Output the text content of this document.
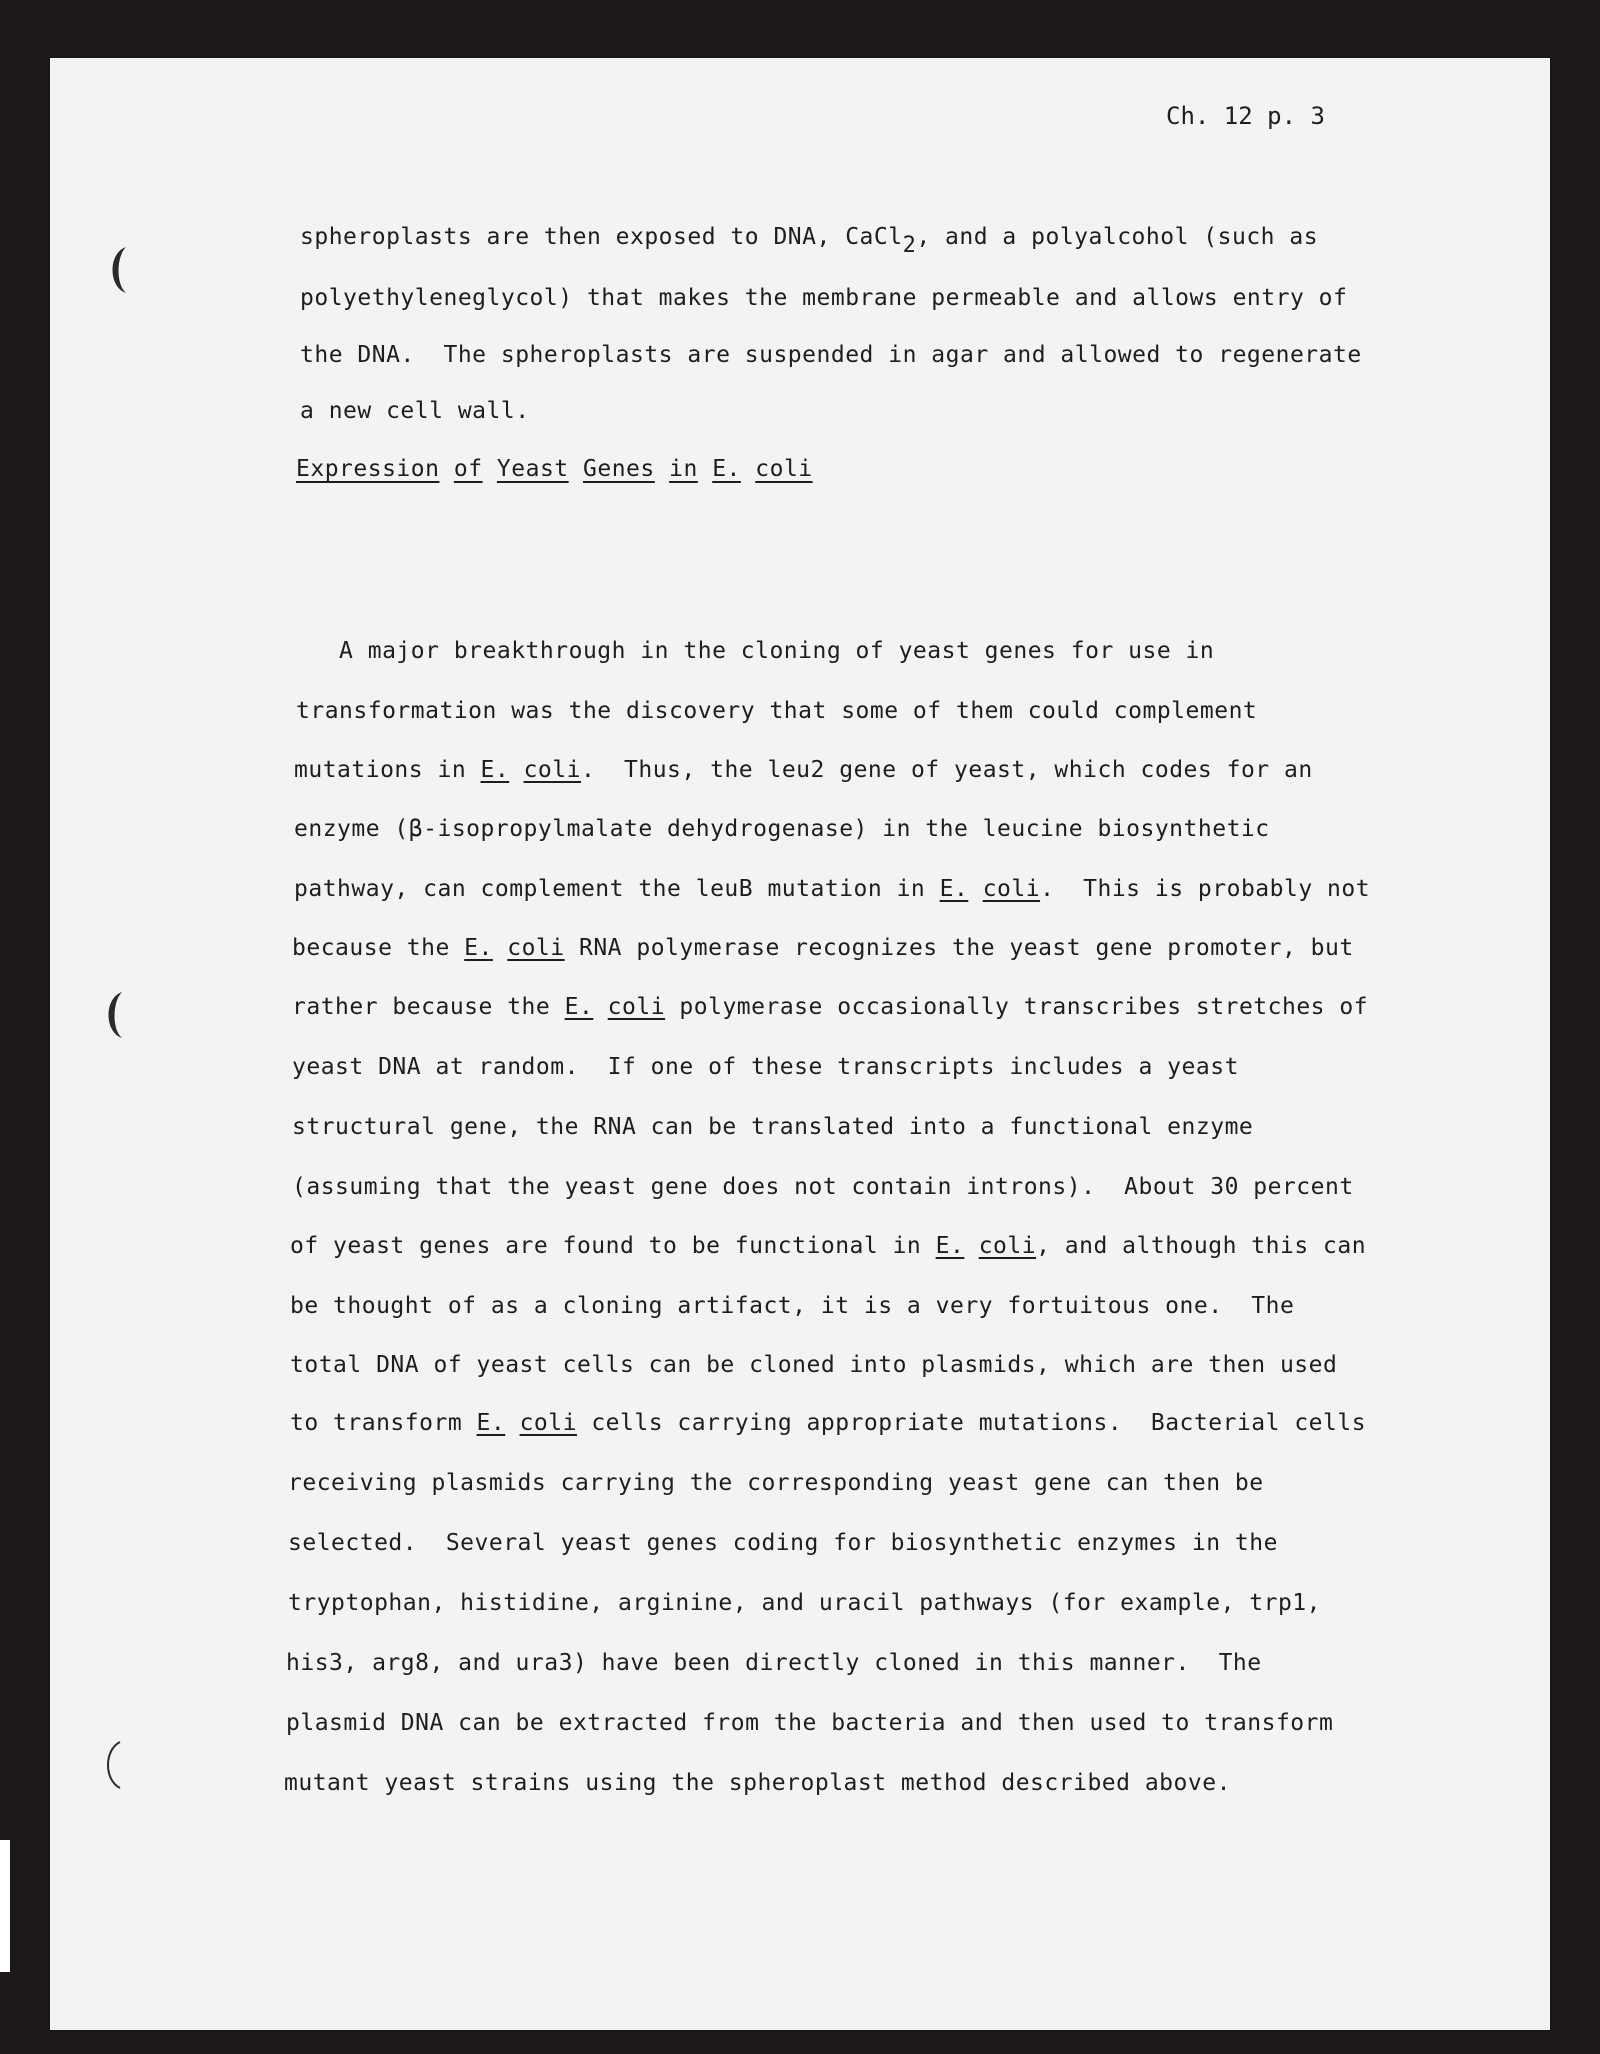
Ch. 12 p. 3
spheroplasts are then exposed to DNA, CaCl2, and a polyalcohol (such as
polyethyleneglycol) that makes the membrane permeable and allows entry of
the DNA.  The spheroplasts are suspended in agar and allowed to regenerate
a new cell wall.
Expression of Yeast Genes in E. coli
A major breakthrough in the cloning of yeast genes for use in
transformation was the discovery that some of them could complement
mutations in E. coli.  Thus, the leu2 gene of yeast, which codes for an
enzyme (β-isopropylmalate dehydrogenase) in the leucine biosynthetic
pathway, can complement the leuB mutation in E. coli.  This is probably not
because the E. coli RNA polymerase recognizes the yeast gene promoter, but
rather because the E. coli polymerase occasionally transcribes stretches of
yeast DNA at random.  If one of these transcripts includes a yeast
structural gene, the RNA can be translated into a functional enzyme
(assuming that the yeast gene does not contain introns).  About 30 percent
of yeast genes are found to be functional in E. coli, and although this can
be thought of as a cloning artifact, it is a very fortuitous one.  The
total DNA of yeast cells can be cloned into plasmids, which are then used
to transform E. coli cells carrying appropriate mutations.  Bacterial cells
receiving plasmids carrying the corresponding yeast gene can then be
selected.  Several yeast genes coding for biosynthetic enzymes in the
tryptophan, histidine, arginine, and uracil pathways (for example, trp1,
his3, arg8, and ura3) have been directly cloned in this manner.  The
plasmid DNA can be extracted from the bacteria and then used to transform
mutant yeast strains using the spheroplast method described above.
